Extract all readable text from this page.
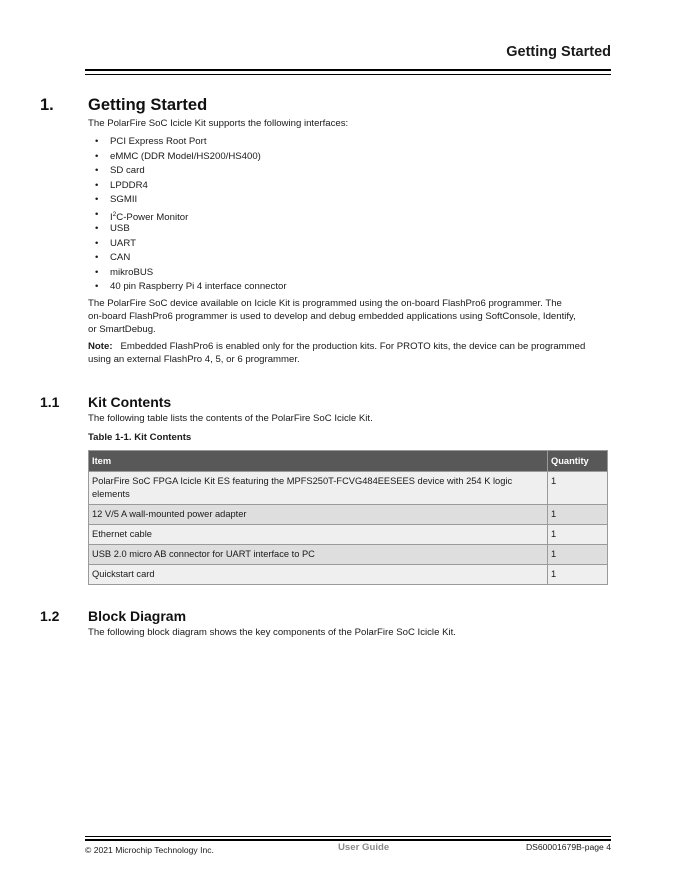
Getting Started
1. Getting Started
The PolarFire SoC Icicle Kit supports the following interfaces:
• PCI Express Root Port
• eMMC (DDR Model/HS200/HS400)
• SD card
• LPDDR4
• SGMII
• $I^2C$-Power Monitor
• USB
• UART
• CAN
• mikroBUS
• 40 pin Raspberry Pi 4 interface connector
The PolarFire SoC device available on Icicle Kit is programmed using the on-board FlashPro6 programmer. The
on-board FlashPro6 programmer is used to develop and debug embedded applications using SoftConsole, Identify,
or SmartDebug.
Note: Embedded FlashPro6 is enabled only for the production kits. For PROTO kits, the device can be programmed
using an external FlashPro 4, 5, or 6 programmer.
1.1 Kit Contents
The following table lists the contents of the PolarFire SoC Icicle Kit.
Table 1-1. Kit Contents
Item	Quantity

PolarFire SoC FPGA Icicle Kit ES featuring the MPFS250T-FCVG484EESEES device with 254 K logic
elements	1
12 V/5 A wall-mounted power adapter	1
Ethernet cable	1
USB 2.0 micro AB connector for UART interface to PC	1
Quickstart card	1
1.2 Block Diagram
The following block diagram shows the key components of the PolarFire SoC Icicle Kit.
© 2021 Microchip Technology Inc.	User Guide	DS60001679B-page 4
